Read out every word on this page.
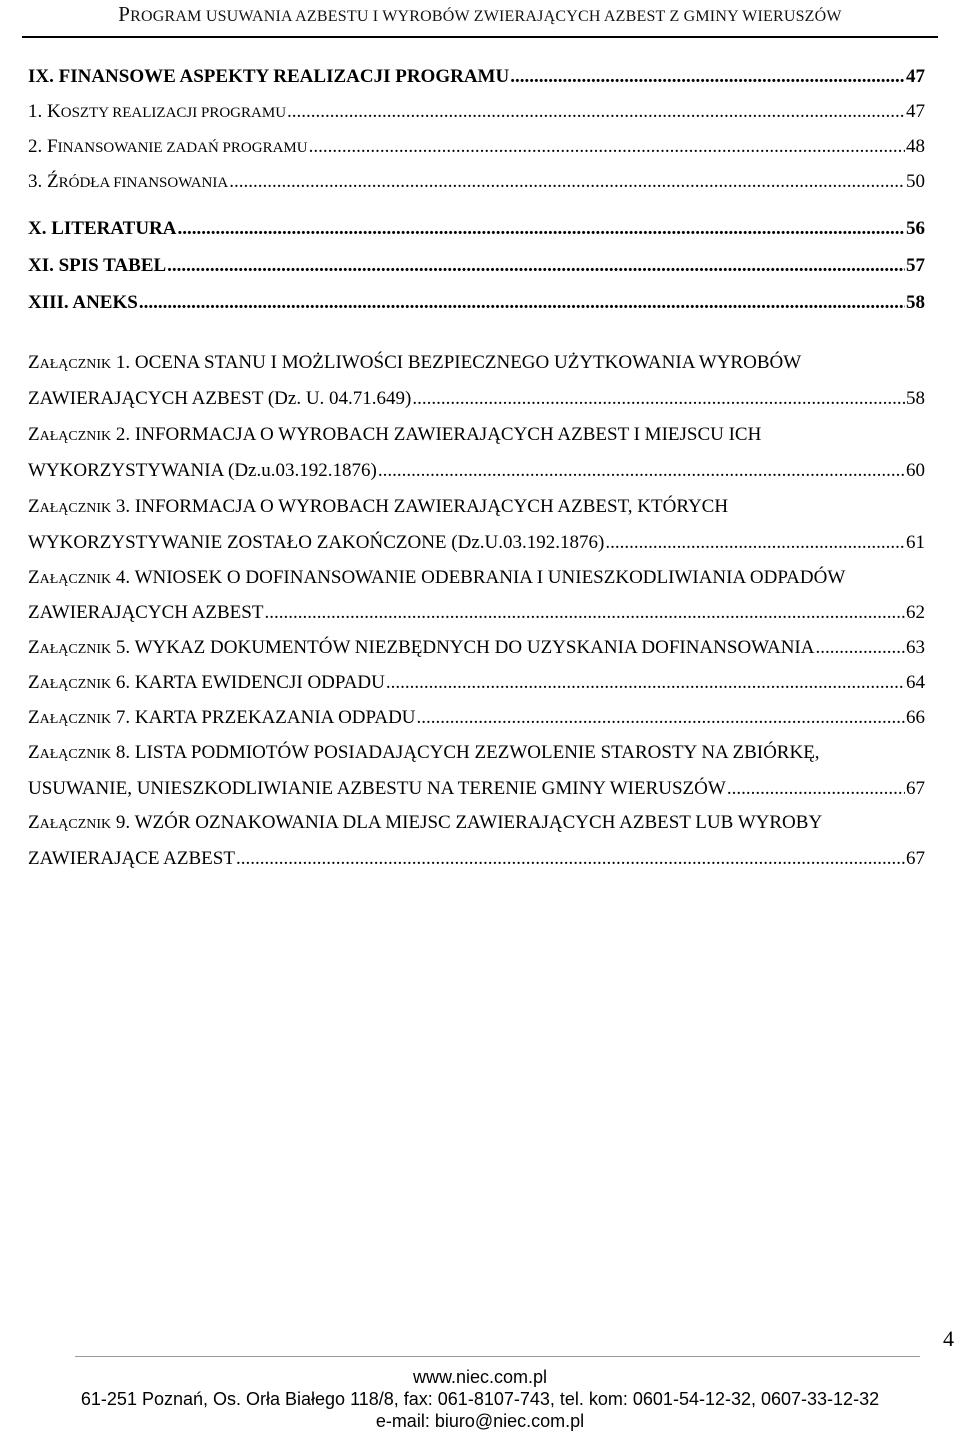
PROGRAM USUWANIA AZBESTU I WYROBÓW ZWIERAJĄCYCH AZBEST Z GMINY WIERUSZÓW
IX. FINANSOWE ASPEKTY REALIZACJI PROGRAMU .....	47
1. KOSZTY REALIZACJI PROGRAMU .....	47
2. FINANSOWANIE ZADAŃ PROGRAMU .....	48
3. ŹRÓDŁA FINANSOWANIA .....	50
X. LITERATURA .....	56
XI. SPIS TABEL .....	57
XIII. ANEKS .....	58
ZAŁĄCZNIK 1. OCENA STANU I MOŻLIWOŚCI BEZPIECZNEGO UŻYTKOWANIA WYROBÓW
ZAWIERAJĄCYCH AZBEST (Dz. U. 04.71.649) .....	58
ZAŁĄCZNIK 2. INFORMACJA O WYROBACH ZAWIERAJĄCYCH AZBEST I MIEJSCU ICH
WYKORZYSTYWANIA (Dz.u.03.192.1876) .....	60
ZAŁĄCZNIK 3. INFORMACJA O WYROBACH ZAWIERAJĄCYCH AZBEST, KTÓRYCH
WYKORZYSTYWANIE ZOSTAŁO ZAKOŃCZONE (Dz.U.03.192.1876) .....	61
ZAŁĄCZNIK 4. WNIOSEK O DOFINANSOWANIE ODEBRANIA I UNIESZKODLIWIANIA ODPADÓW
ZAWIERAJĄCYCH AZBEST .....	62
ZAŁĄCZNIK 5. WYKAZ DOKUMENTÓW NIEZBĘDNYCH DO UZYSKANIA DOFINANSOWANIA .....	63
ZAŁĄCZNIK 6. KARTA EWIDENCJI ODPADU .....	64
ZAŁĄCZNIK 7. KARTA PRZEKAZANIA ODPADU .....	66
ZAŁĄCZNIK 8. LISTA PODMIOTÓW POSIADAJĄCYCH ZEZWOLENIE STAROSTY NA ZBIÓRKĘ,
USUWANIE, UNIESZKODLIWIANIE AZBESTU NA TERENIE GMINY WIERUSZÓW .....	67
ZAŁĄCZNIK 9. WZÓR OZNAKOWANIA DLA MIEJSC ZAWIERAJĄCYCH AZBEST LUB WYROBY
ZAWIERAJĄCE AZBEST .....	67
4
www.niec.com.pl
61-251 Poznań, Os. Orła Białego 118/8, fax: 061-8107-743, tel. kom: 0601-54-12-32, 0607-33-12-32
e-mail: biuro@niec.com.pl
